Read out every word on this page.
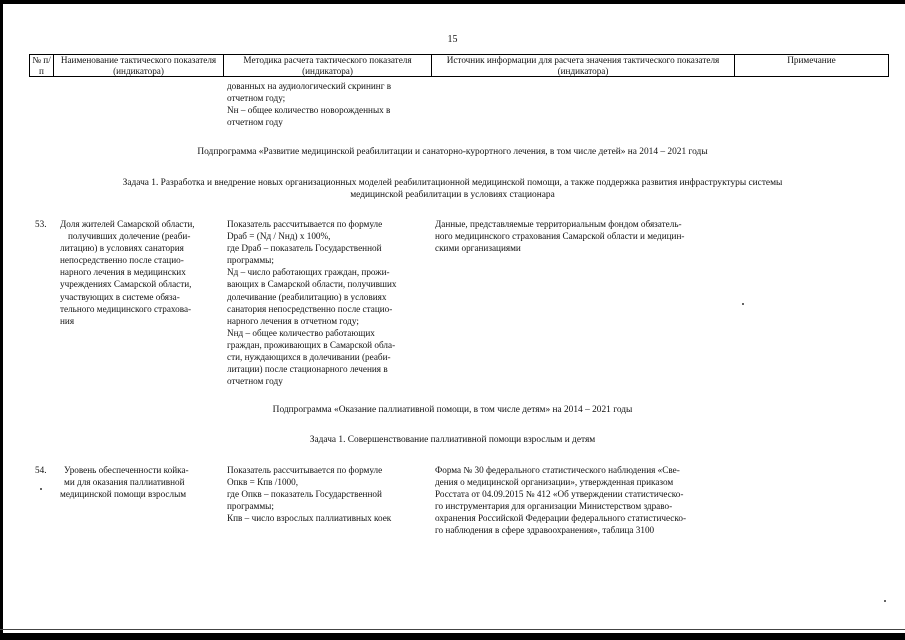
15
№ п/п
Наименование тактического показателя (индикатора)
Методика расчета тактического показателя (индикатора)
Источник информации для расчета значения тактического показателя (индикатора)
Примечание
дованных на аудиологический скрининг в
отчетном году;
Nн – общее количество новорожденных в
отчетном году
Подпрограмма «Развитие медицинской реабилитации и санаторно-курортного лечения, в том числе детей» на 2014 – 2021 годы
Задача 1. Разработка и внедрение новых организационных моделей реабилитационной медицинской помощи, а также поддержка развития инфраструктуры системы
медицинской реабилитации в условиях стационара
53.	Доля жителей Самарской области,
получивших долечение (реаби-
литацию) в условиях санатория
непосредственно после стацио-
нарного лечения в медицинских
учреждениях Самарской области,
участвующих в системе обяза-
тельного медицинского страхова-
ния
Показатель рассчитывается по формуле
Dраб = (Nд / Nнд) х 100%,
где Dраб – показатель Государственной
программы;
Nд – число работающих граждан, прожи-
вающих в Самарской области, получивших
долечивание (реабилитацию) в условиях
санатория непосредственно после стацио-
нарного лечения в отчетном году;
Nнд – общее количество работающих
граждан, проживающих в Самарской обла-
сти, нуждающихся в долечивании (реаби-
литации) после стационарного лечения в
отчетном году
Данные, представляемые территориальным фондом обязатель-
ного медицинского страхования Самарской области и медицин-
скими организациями
Подпрограмма «Оказание паллиативной помощи, в том числе детям» на 2014 – 2021 годы
Задача 1. Совершенствование паллиативной помощи взрослым и детям
54.	Уровень обеспеченности койка-
ми для оказания паллиативной
медицинской помощи взрослым
Показатель рассчитывается по формуле
Опкв = Кпв /1000,
где Опкв – показатель Государственной
программы;
Кпв – число взрослых паллиативных коек
Форма № 30 федерального статистического наблюдения «Све-
дения о медицинской организации», утвержденная приказом
Росстата от 04.09.2015 № 412 «Об утверждении статистическо-
го инструментария для организации Министерством здраво-
охранения Российской Федерации федерального статистическо-
го наблюдения в сфере здравоохранения», таблица 3100
